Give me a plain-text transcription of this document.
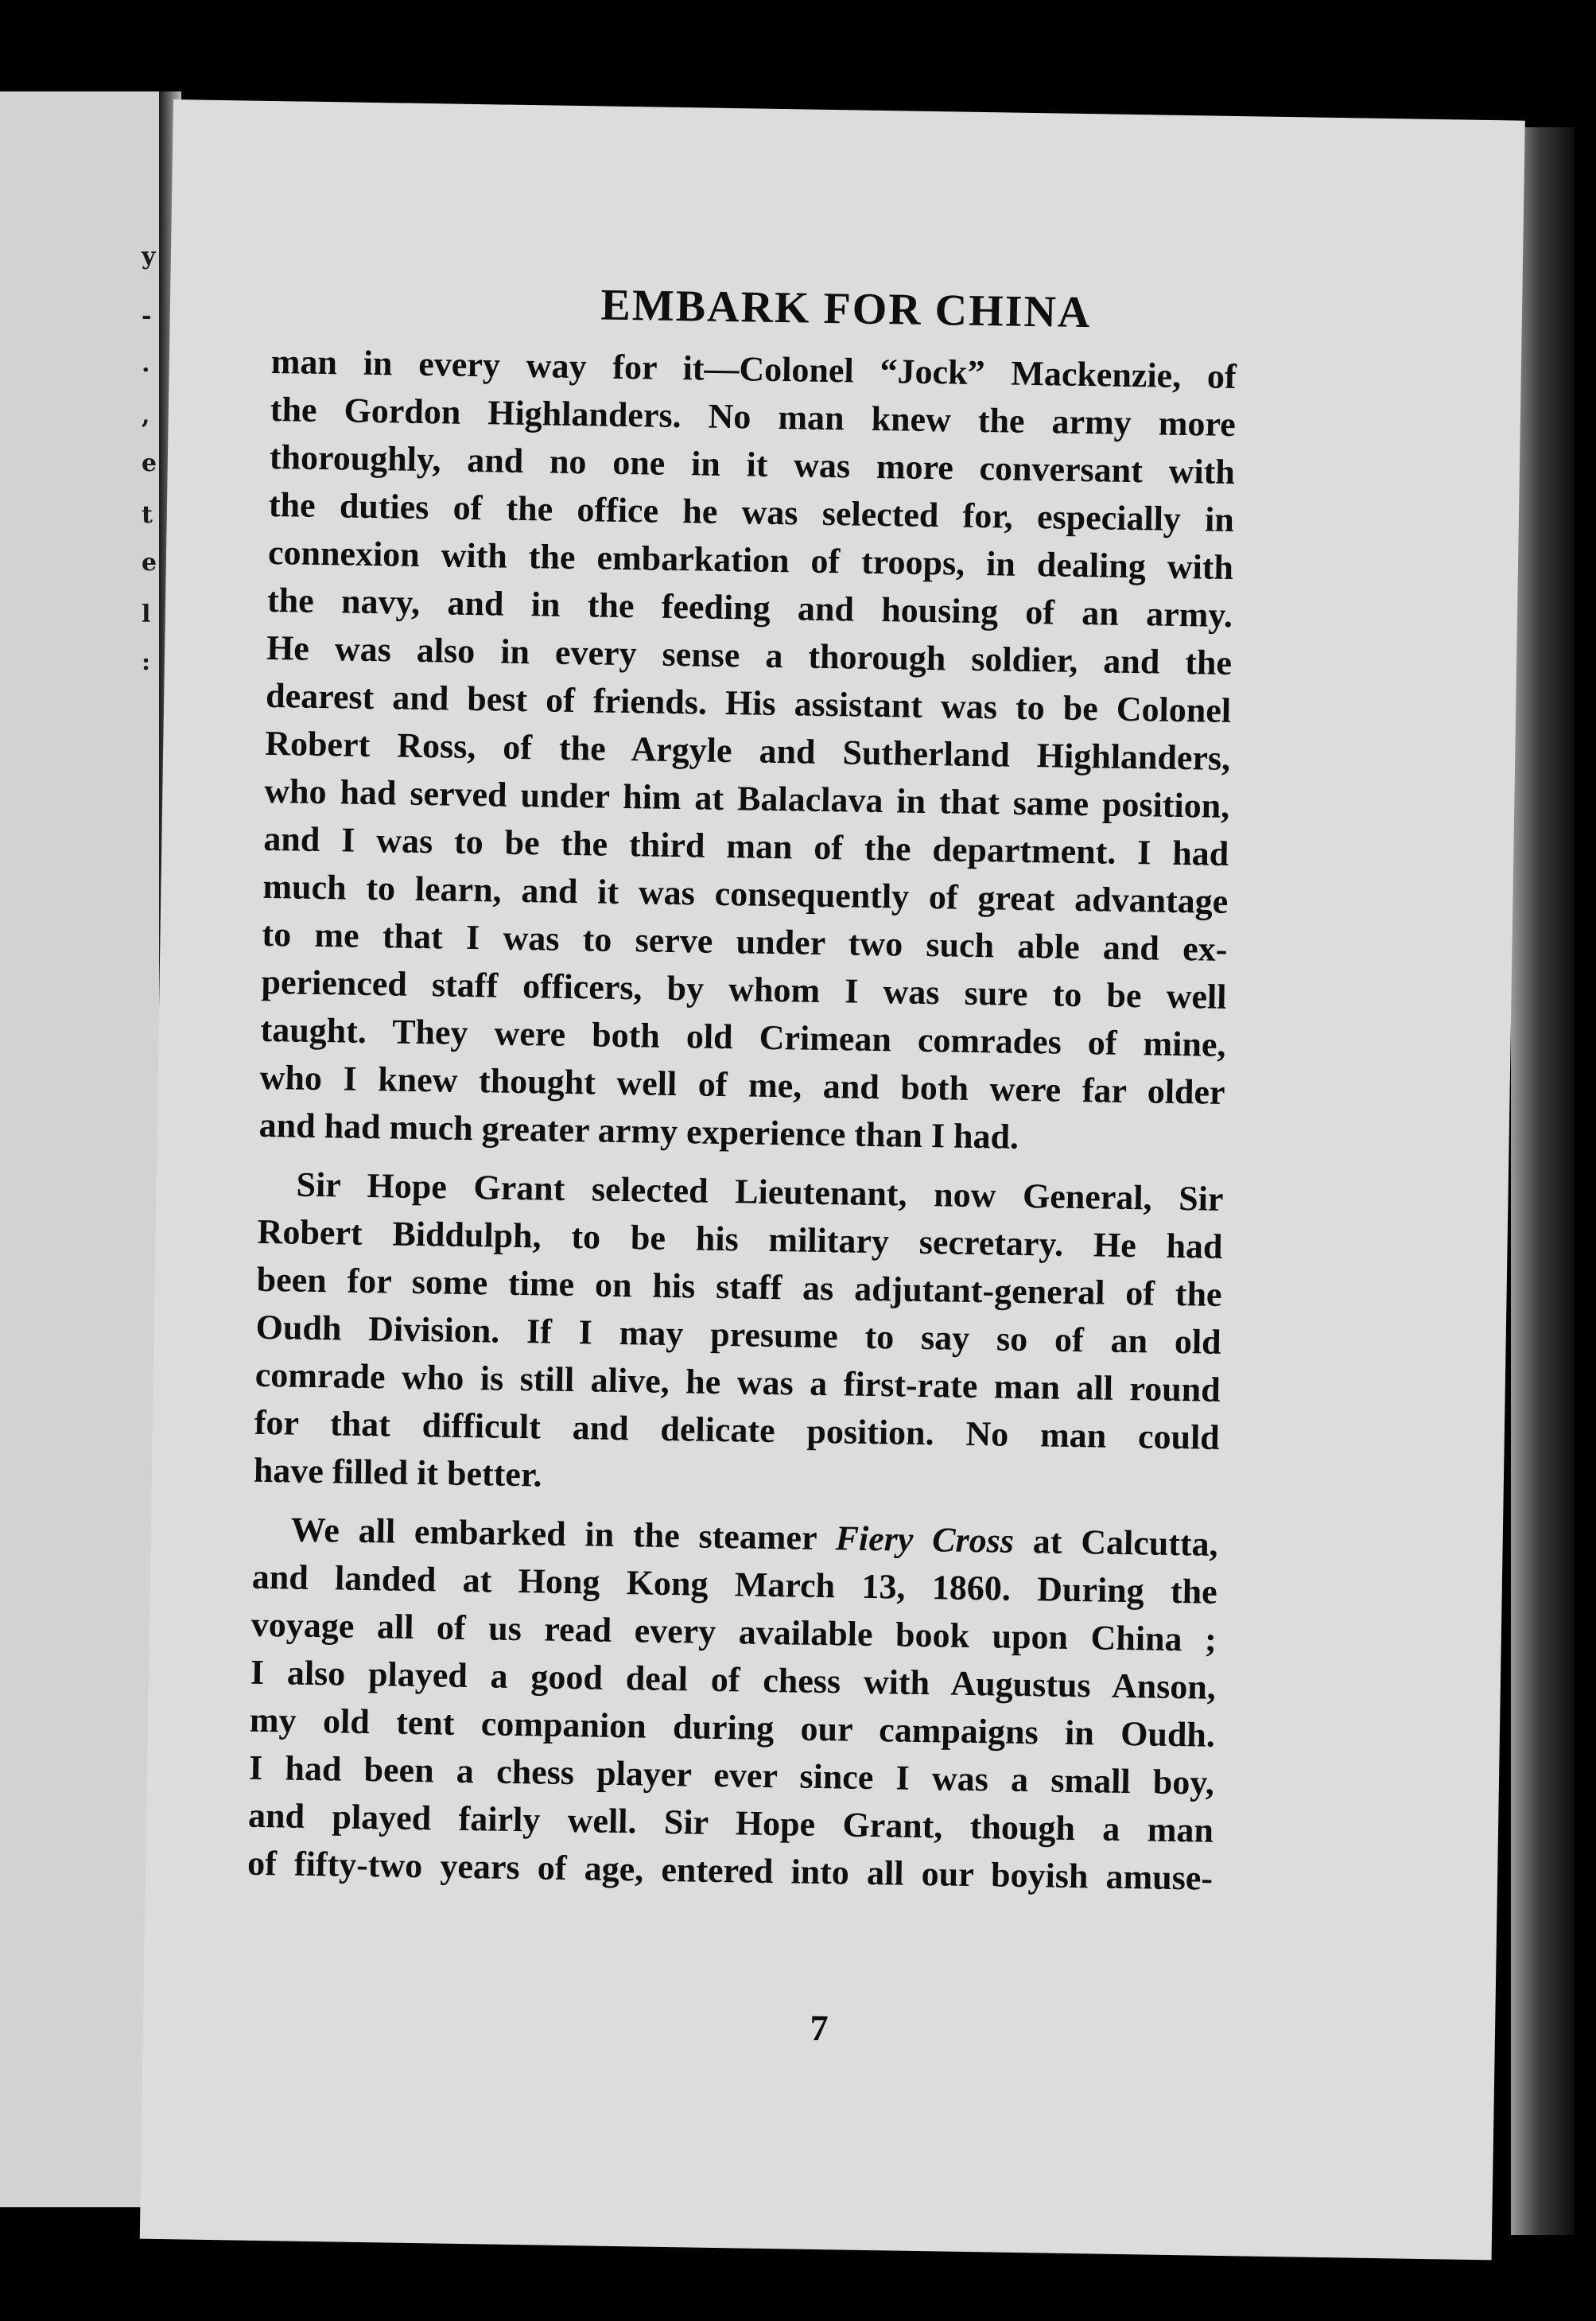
y
-
.
,
e
t
e
l
:
EMBARK FOR CHINA
man in every way for it—Colonel “Jock” Mackenzie, of
the Gordon Highlanders. No man knew the army more
thoroughly, and no one in it was more conversant with
the duties of the office he was selected for, especially in
connexion with the embarkation of troops, in dealing with
the navy, and in the feeding and housing of an army.
He was also in every sense a thorough soldier, and the
dearest and best of friends. His assistant was to be Colonel
Robert Ross, of the Argyle and Sutherland Highlanders,
who had served under him at Balaclava in that same position,
and I was to be the third man of the department. I had
much to learn, and it was consequently of great advantage
to me that I was to serve under two such able and ex-
perienced staff officers, by whom I was sure to be well
taught. They were both old Crimean comrades of mine,
who I knew thought well of me, and both were far older
and had much greater army experience than I had.
Sir Hope Grant selected Lieutenant, now General, Sir
Robert Biddulph, to be his military secretary. He had
been for some time on his staff as adjutant-general of the
Oudh Division. If I may presume to say so of an old
comrade who is still alive, he was a first-rate man all round
for that difficult and delicate position. No man could
have filled it better.
We all embarked in the steamer Fiery Cross at Calcutta,
and landed at Hong Kong March 13, 1860. During the
voyage all of us read every available book upon China ;
I also played a good deal of chess with Augustus Anson,
my old tent companion during our campaigns in Oudh.
I had been a chess player ever since I was a small boy,
and played fairly well. Sir Hope Grant, though a man
of fifty-two years of age, entered into all our boyish amuse-
7
